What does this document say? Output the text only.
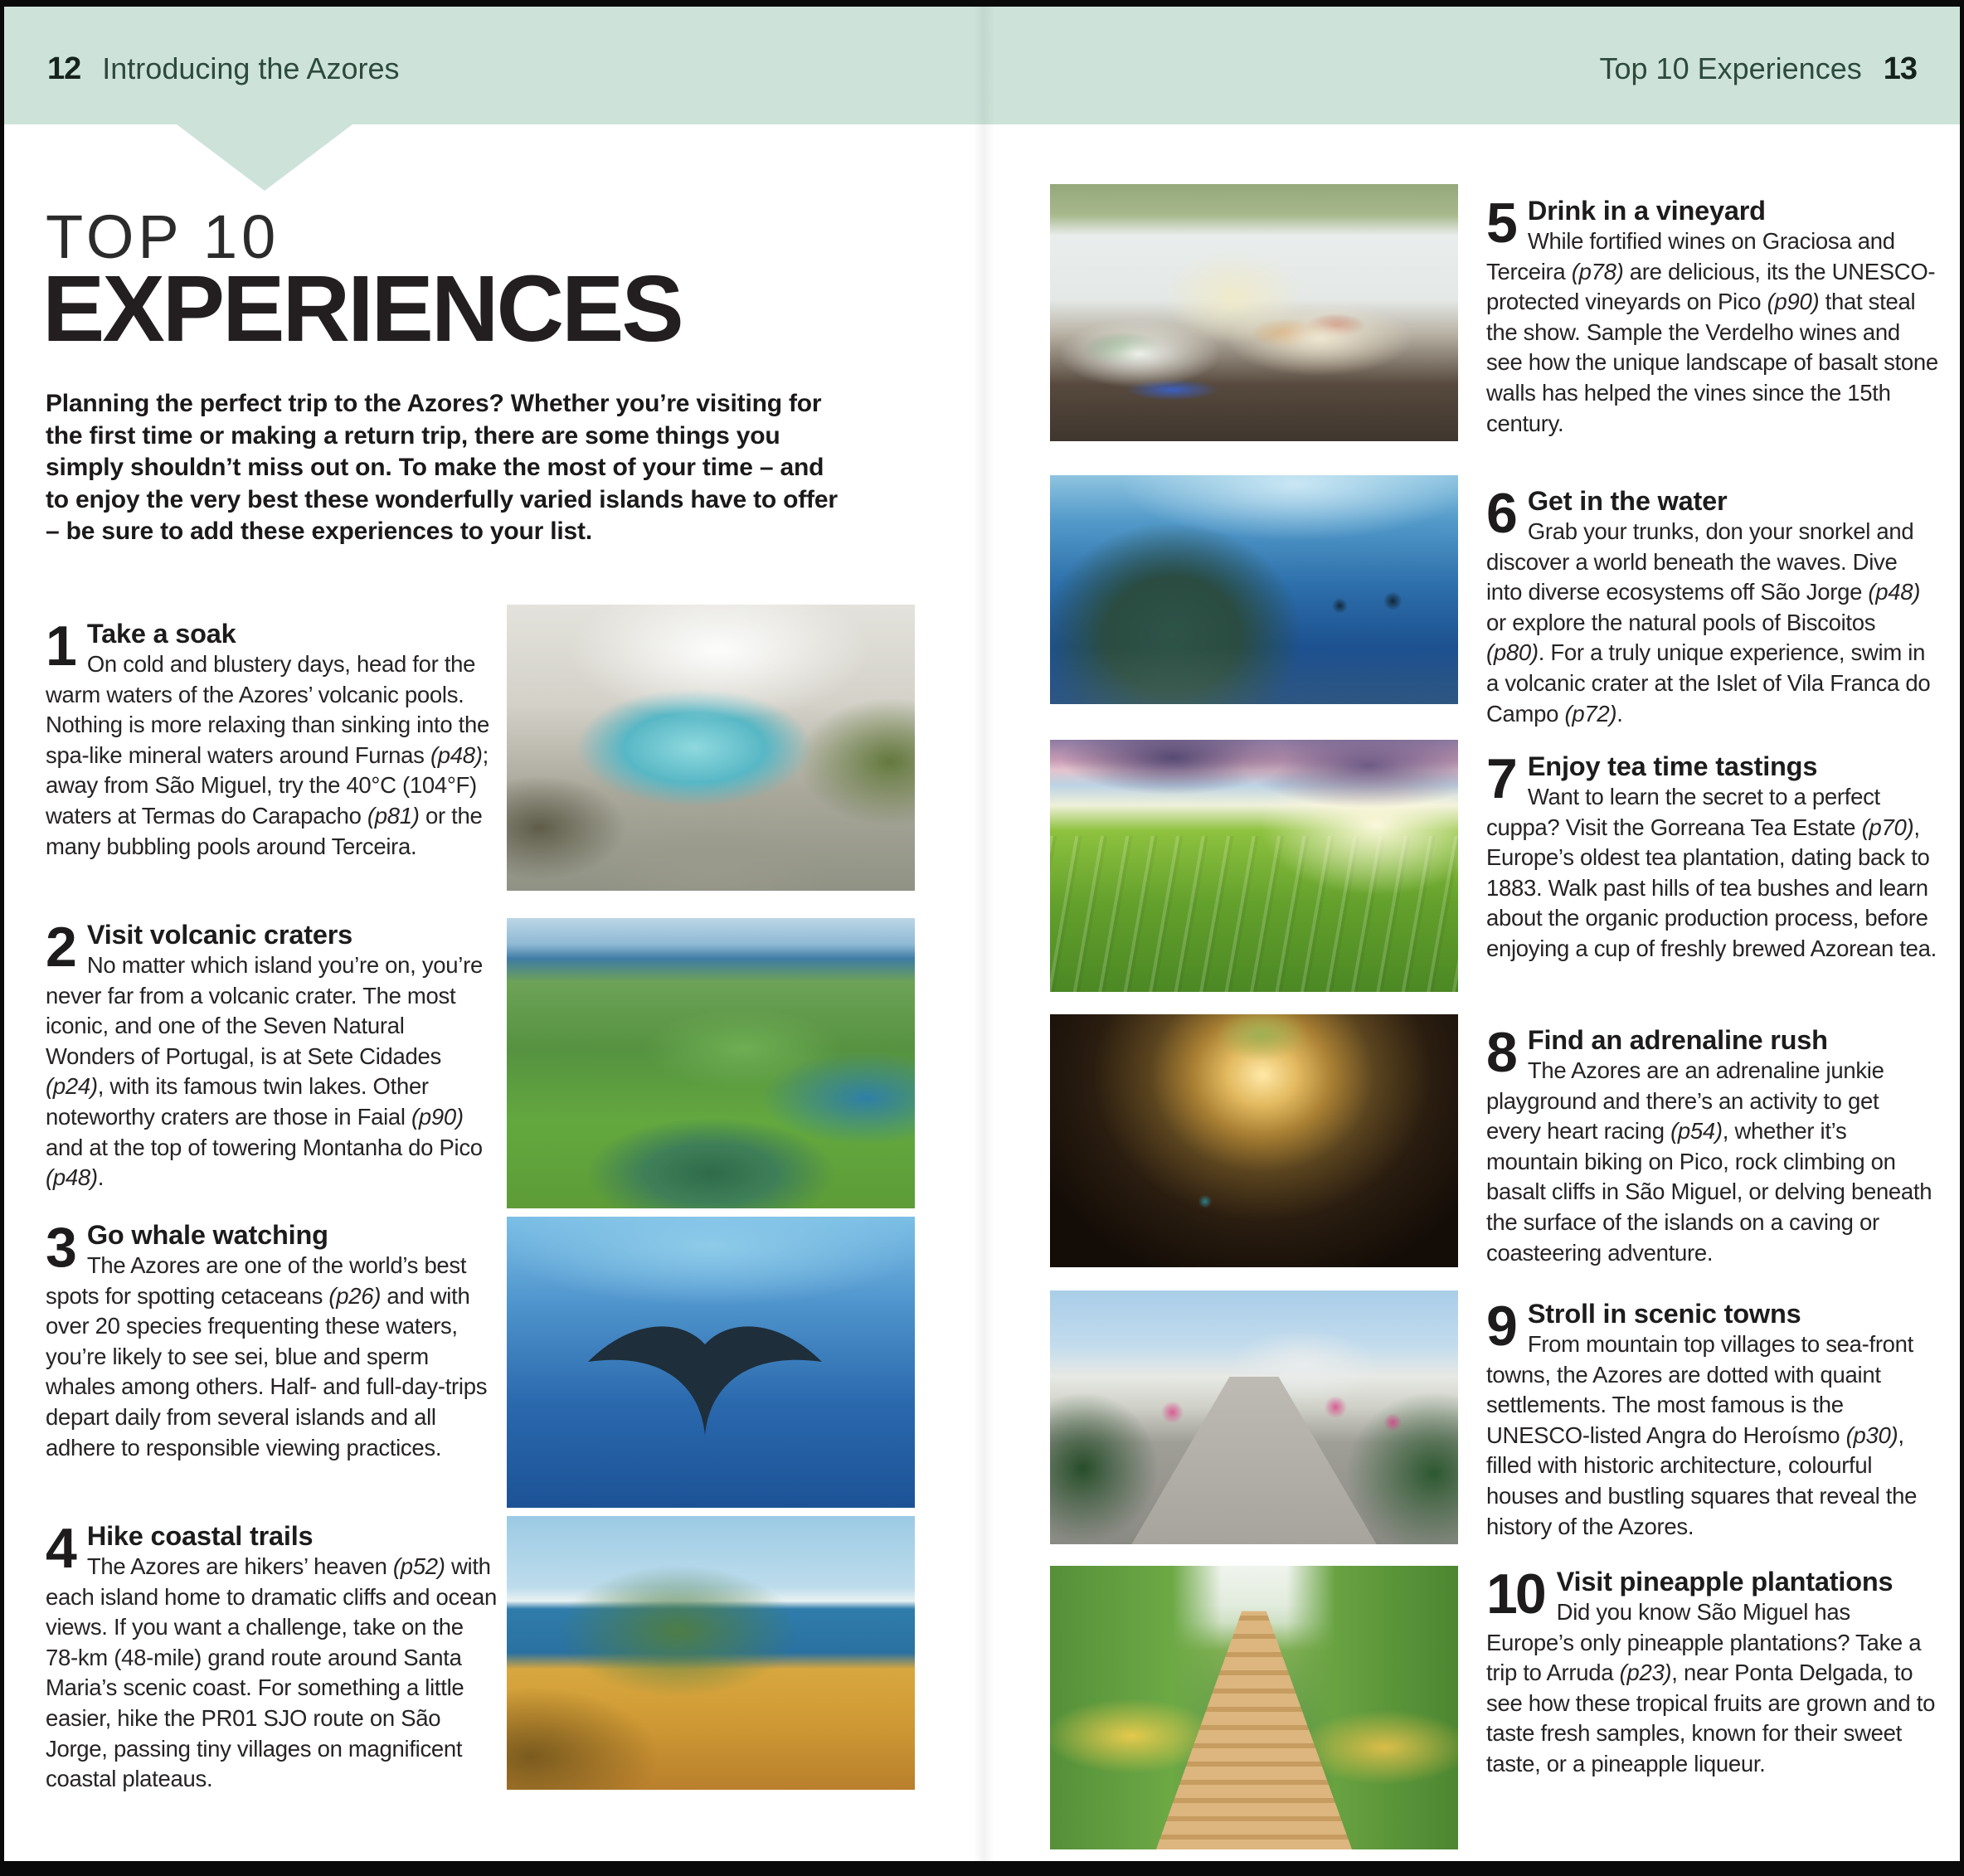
12 Introducing the Azores	Top 10 Experiences 13
TOP 10
EXPERIENCES

Planning the perfect trip to the Azores? Whether you’re visiting for the first time or making a return trip, there are some things you simply shouldn’t miss out on. To make the most of your time – and to enjoy the very best these wonderfully varied islands have to offer – be sure to add these experiences to your list.

1 Take a soak

On cold and blustery days, head for the warm waters of the Azores’ volcanic pools. Nothing is more relaxing than sinking into the spa-like mineral waters around Furnas (p48); away from São Miguel, try the 40°C (104°F) waters at Termas do Carapacho (p81) or the many bubbling pools around Terceira.

2 Visit volcanic craters

No matter which island you’re on, you’re never far from a volcanic crater. The most iconic, and one of the Seven Natural Wonders of Portugal, is at Sete Cidades (p24), with its famous twin lakes. Other noteworthy craters are those in Faial (p90) and at the top of towering Montanha do Pico (p48).

3 Go whale watching

The Azores are one of the world’s best spots for spotting cetaceans (p26) and with over 20 species frequenting these waters, you’re likely to see sei, blue and sperm whales among others. Half- and full-day-trips depart daily from several islands and all adhere to responsible viewing practices.

4 Hike coastal trails

The Azores are hikers’ heaven (p52) with each island home to dramatic cliffs and ocean views. If you want a challenge, take on the 78-km (48-mile) grand route around Santa Maria’s scenic coast. For something a little easier, hike the PR01 SJO route on São Jorge, passing tiny villages on magnificent coastal plateaus.

5 Drink in a vineyard

While fortified wines on Graciosa and Terceira (p78) are delicious, its the UNESCO-protected vineyards on Pico (p90) that steal the show. Sample the Verdelho wines and see how the unique landscape of basalt stone walls has helped the vines since the 15th century.

6 Get in the water

Grab your trunks, don your snorkel and discover a world beneath the waves. Dive into diverse ecosystems off São Jorge (p48) or explore the natural pools of Biscoitos (p80). For a truly unique experience, swim in a volcanic crater at the Islet of Vila Franca do Campo (p72).

7 Enjoy tea time tastings

Want to learn the secret to a perfect cuppa? Visit the Gorreana Tea Estate (p70), Europe’s oldest tea plantation, dating back to 1883. Walk past hills of tea bushes and learn about the organic production process, before enjoying a cup of freshly brewed Azorean tea.

8 Find an adrenaline rush

The Azores are an adrenaline junkie playground and there’s an activity to get every heart racing (p54), whether it’s mountain biking on Pico, rock climbing on basalt cliffs in São Miguel, or delving beneath the surface of the islands on a caving or coasteering adventure.

9 Stroll in scenic towns

From mountain top villages to sea-front towns, the Azores are dotted with quaint settlements. The most famous is the UNESCO-listed Angra do Heroísmo (p30), filled with historic architecture, colourful houses and bustling squares that reveal the history of the Azores.

10 Visit pineapple plantations

Did you know São Miguel has Europe’s only pineapple plantations? Take a trip to Arruda (p23), near Ponta Delgada, to see how these tropical fruits are grown and to taste fresh samples, known for their sweet taste, or a pineapple liqueur.
